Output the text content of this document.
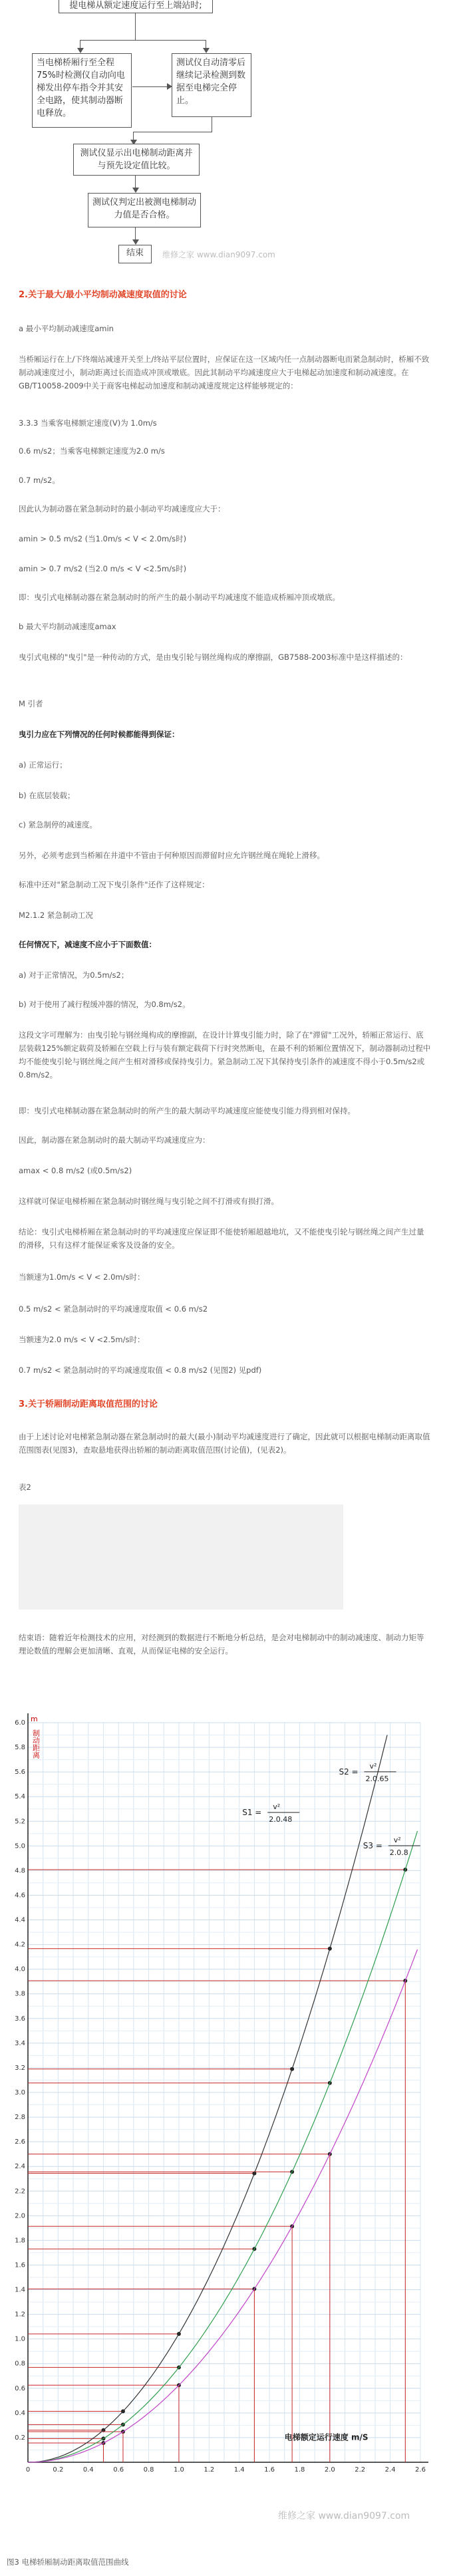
提电梯从额定速度运行至上端站时;
当电梯桥厢行至全程75%时检测仪自动向电梯发出停车指令并其安全电路，使其制动器断电释放。
测试仪自动清零后继续记录检测到数据至电梯完全停止。
测试仪显示出电梯制动距离并与预先设定值比较。
测试仪判定出被测电梯制动力值是否合格。
结束	维修之家 www.dian9097.com
2.关于最大/最小平均制动减速度取值的讨论

a 最小平均制动减速度amin

当桥厢运行在上/下终端站减速开关至上/终站平层位置时，应保证在这一区域内任一点制动器断电而紧急制动时，桥厢不致制动减速度过小，制动距离过长而造成冲顶或墩底。因此其制动平均减速度应大于电梯起动加速度和制动减速度。在GB/T10058-2009中关于商客电梯起动加速度和制动减速度规定这样能够规定的：

3.3.3 当乘客电梯额定速度(V)为 1.0m/s

0.6 m/s2；当乘客电梯额定速度为2.0 m/s

0.7 m/s2。

因此认为制动器在紧急制动时的最小制动平均减速度应大于：

amin > 0.5 m/s2 (当1.0m/s < V < 2.0m/s时)

amin > 0.7 m/s2 (当2.0 m/s < V <2.5m/s时)

即：曳引式电梯制动器在紧急制动时的所产生的最小制动平均减速度不能造成桥厢冲顶或墩底。

b 最大平均制动减速度amax

曳引式电梯的"曳引"是一种传动的方式，是由曳引轮与钢丝绳构成的摩擦副，GB7588-2003标准中是这样描述的：

M 引者

曳引力应在下列情况的任何时候都能得到保证：

a) 正常运行；

b) 在底层装载；

c) 紧急制停的减速度。

另外，必须考虑到当桥厢在井道中不管由于何种原因而滞留时应允许钢丝绳在绳轮上滑移。

标准中还对"紧急制动工况下曳引条件"还作了这样规定：

M2.1.2 紧急制动工况

任何情况下，减速度不应小于下面数值：

a) 对于正常情况，为0.5m/s2；

b) 对于使用了减行程缓冲器的情况，为0.8m/s2。

这段文字可理解为：由曳引轮与钢丝绳构成的摩擦副，在设计计算曳引能力时，除了在"滞留"工况外，轿厢正常运行、底层装载125%额定载荷及轿厢在空载上行与装有额定载荷下行时突然断电，在最不利的轿厢位置情况下，制动器制动过程中均不能使曳引轮与钢丝绳之间产生相对滑移或保持曳引力。紧急制动工况下其保持曳引条件的减速度不得小于0.5m/s2或0.8m/s2。

即：曳引式电梯制动器在紧急制动时的所产生的最大制动平均减速度应能使曳引能力得到相对保持。

因此，制动器在紧急制动时的最大制动平均减速度应为：

amax < 0.8 m/s2 (或0.5m/s2)

这样就可保证电梯桥厢在紧急制动时钢丝绳与曳引轮之间不打滑或有损打滑。

结论：曳引式电梯桥厢在紧急制动时的平均减速度应保证即不能使轿厢超越地坑，又不能使曳引轮与钢丝绳之间产生过量的滑移，只有这样才能保证乘客及设备的安全。

当额速为1.0m/s < V < 2.0m/s时：

0.5 m/s2 < 紧急制动时的平均减速度取值 < 0.6 m/s2

当额速为2.0 m/s < V <2.5m/s时：

0.7 m/s2 < 紧急制动时的平均减速度取值 < 0.8 m/s2 (见图2) 见pdf)

3.关于轿厢制动距离取值范围的讨论

由于上述讨论对电梯紧急制动器在紧急制动时的最大(最小)制动平均减速度进行了确定，因此就可以根据电梯制动距离取值范围图表(见图3)，查取悬地获得出轿厢的制动距离取值范围(讨论值)，(见表2)。

表2

结束语：随着近年检测技术的应用，对经测到的数据进行不断地分析总结，是会对电梯制动中的制动减速度、制动力矩等理论数值的理解会更加清晰、直观，从而保证电梯的安全运行。

0	0.2	0.4	0.6	0.8	1.0	1.2	1.4	1.6	1.8	2.0	2.2	2.4	2.6
0.2
0.4
0.6
0.8
1.0
1.2
1.4
1.6
1.8
2.0
2.2
2.4
2.6
2.8
3.0
3.2
3.4
3.6
3.8
4.0
4.2
4.4
4.6
4.8
5.0
5.2
5.4
5.6
5.8
6.0
制动距离
m
电梯额定运行速度 m/S
S1 =
v²
2.0.48
S2 =
v²
2.0.65
S3 =
v²
2.0.8
维修之家 www.dian9097.com
图3 电梯轿厢制动距离取值范围曲线
